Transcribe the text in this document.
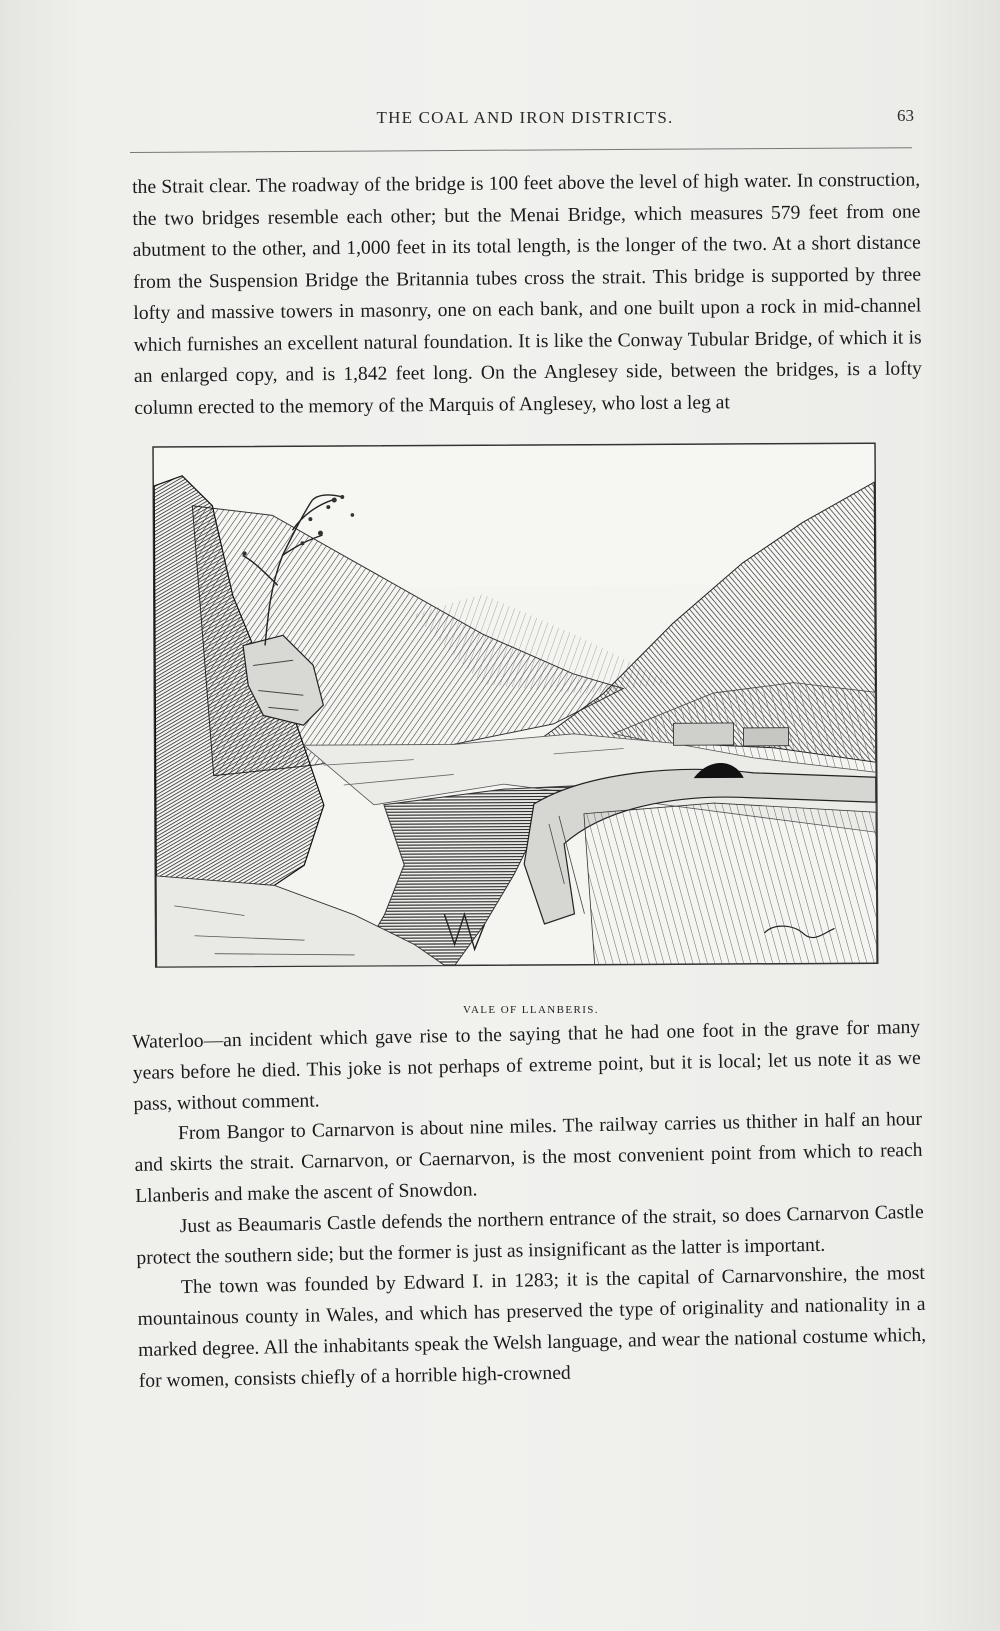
THE COAL AND IRON DISTRICTS.	63

the Strait clear. The roadway of the bridge is 100 feet above the level of high water. In construction, the two bridges resemble each other; but the Menai Bridge, which measures 579 feet from one abutment to the other, and 1,000 feet in its total length, is the longer of the two. At a short distance from the Suspension Bridge the Britannia tubes cross the strait. This bridge is supported by three lofty and massive towers in masonry, one on each bank, and one built upon a rock in mid-channel which furnishes an excellent natural foundation. It is like the Conway Tubular Bridge, of which it is an enlarged copy, and is 1,842 feet long. On the Anglesey side, between the bridges, is a lofty column erected to the memory of the Marquis of Anglesey, who lost a leg at

VALE OF LLANBERIS.

Waterloo—an incident which gave rise to the saying that he had one foot in the grave for many years before he died. This joke is not perhaps of extreme point, but it is local; let us note it as we pass, without comment.

From Bangor to Carnarvon is about nine miles. The railway carries us thither in half an hour and skirts the strait. Carnarvon, or Caernarvon, is the most convenient point from which to reach Llanberis and make the ascent of Snowdon.

Just as Beaumaris Castle defends the northern entrance of the strait, so does Carnarvon Castle protect the southern side; but the former is just as insignificant as the latter is important.

The town was founded by Edward I. in 1283; it is the capital of Carnarvonshire, the most mountainous county in Wales, and which has preserved the type of originality and nationality in a marked degree. All the inhabitants speak the Welsh language, and wear the national costume which, for women, consists chiefly of a horrible high-crowned
